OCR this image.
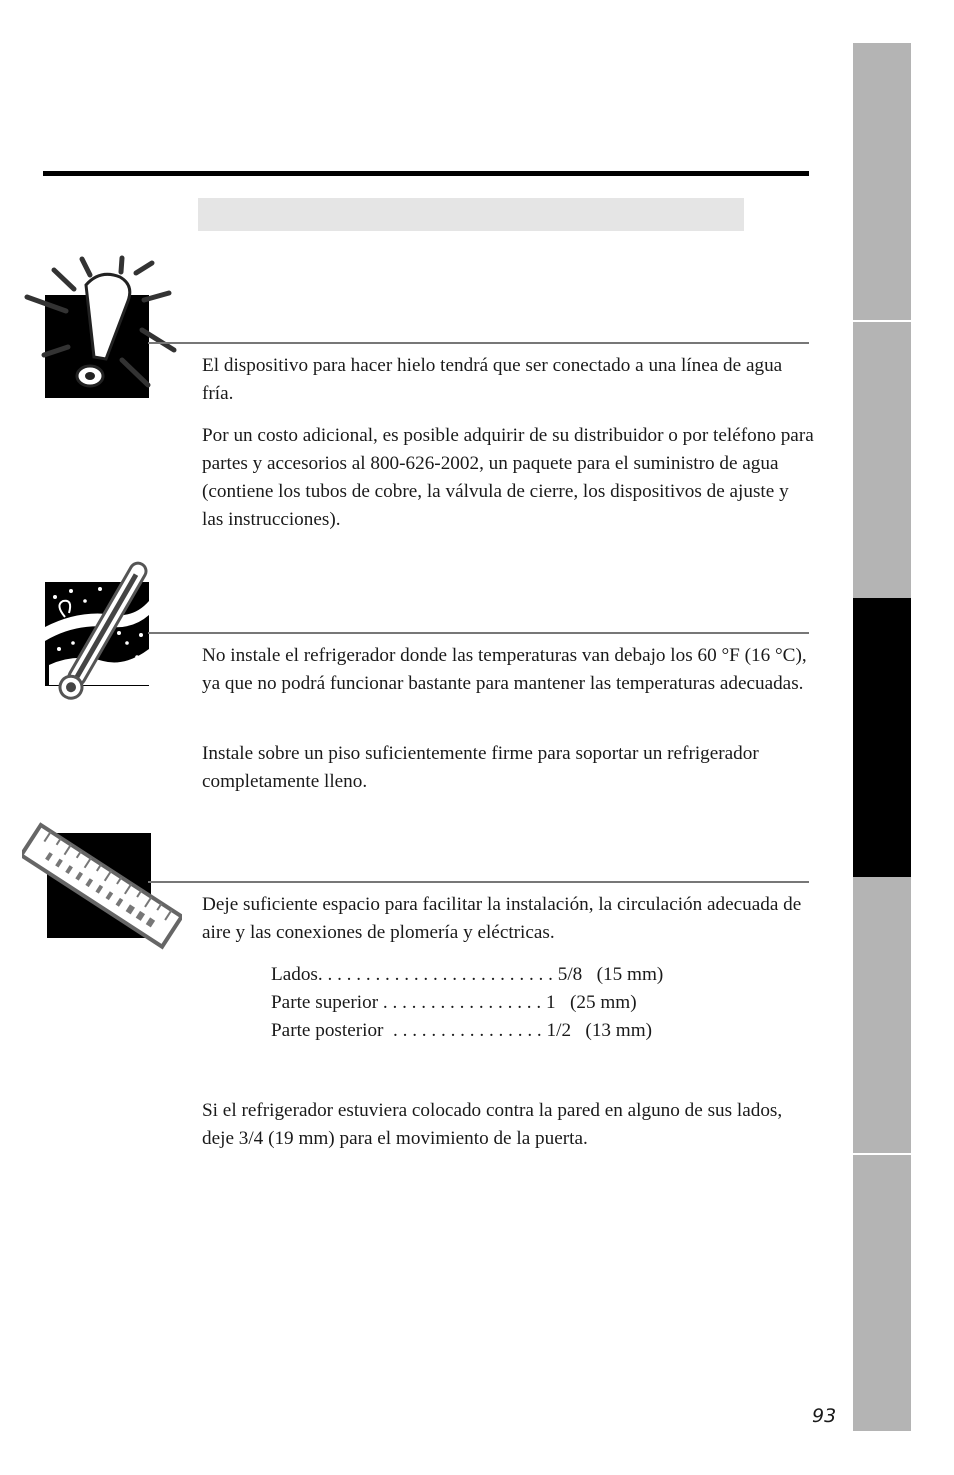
El dispositivo para hacer hielo tendrá que ser conectado a una línea de agua fría.

Por un costo adicional, es posible adquirir de su distribuidor o por teléfono para partes y accesorios al 800-626-2002, un paquete para el suministro de agua (contiene los tubos de cobre, la válvula de cierre, los dispositivos de ajuste y las instrucciones).

No instale el refrigerador donde las temperaturas van debajo los 60 °F (16 °C), ya que no podrá funcionar bastante para mantener las temperaturas adecuadas.

Instale sobre un piso suficientemente firme para soportar un refrigerador completamente lleno.

Deje suficiente espacio para facilitar la instalación, la circulación adecuada de aire y las conexiones de plomería y eléctricas.

Lados. . . . . . . . . . . . . . . . . . . . . . . . . 5/8   (15 mm)
Parte superior . . . . . . . . . . . . . . . . . 1   (25 mm)
Parte posterior  . . . . . . . . . . . . . . . . 1/2   (13 mm)

Si el refrigerador estuviera colocado contra la pared en alguno de sus lados, deje 3/4 (19 mm) para el movimiento de la puerta.

93
